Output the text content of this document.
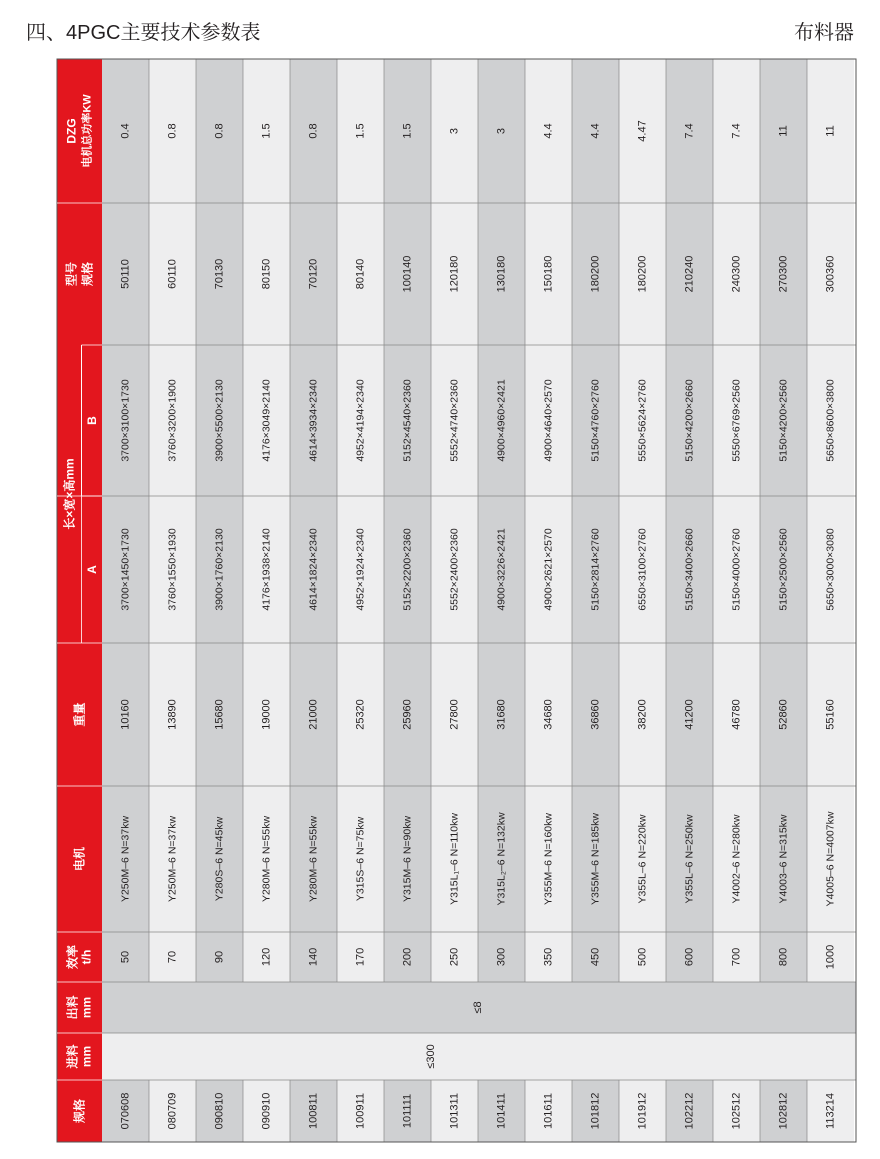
四、4PGC主要技术参数表	布料器
规格
进料 mm
出料 mm
效率 t/h
电机
重量
长×宽×高mm
A
B
型号 规格
DZG 电机总功率KW
≤300
≤8
070608
50
Y250M–6 N=37kw
10160
3700×1450×1730
3700×3100×1730
50110
0.4
080709
70
Y250M–6 N=37kw
13890
3760×1550×1930
3760×3200×1900
60110
0.8
090810
90
Y280S–6 N=45kw
15680
3900×1760×2130
3900×5500×2130
70130
0.8
090910
120
Y280M–6 N=55kw
19000
4176×1938×2140
4176×3049×2140
80150
1.5
100811
140
Y280M–6 N=55kw
21000
4614×1824×2340
4614×3934×2340
70120
0.8
100911
170
Y315S–6 N=75kw
25320
4952×1924×2340
4952×4194×2340
80140
1.5
101111
200
Y315M–6 N=90kw
25960
5152×2200×2360
5152×4540×2360
100140
1.5
101311
250
Y315L₁–6 N=110kw
27800
5552×2400×2360
5552×4740×2360
120180
3
101411
300
Y315L₂–6 N=132kw
31680
4900×3226×2421
4900×4960×2421
130180
3
101611
350
Y355M–6 N=160kw
34680
4900×2621×2570
4900×4640×2570
150180
4.4
101812
450
Y355M–6 N=185kw
36860
5150×2814×2760
5150×4760×2760
180200
4.4
101912
500
Y355L–6 N=220kw
38200
6550×3100×2760
5550×5624×2760
180200
4.47
102212
600
Y355L–6 N=250kw
41200
5150×3400×2660
5150×4200×2660
210240
7.4
102512
700
Y4002–6 N=280kw
46780
5150×4000×2760
5550×6769×2560
240300
7.4
102812
800
Y4003–6 N=315kw
52860
5150×2500×2560
5150×4200×2560
270300
11
113214
1000
Y4005–6 N=4007kw
55160
5650×3000×3080
5650×8600×3800
300360
11
